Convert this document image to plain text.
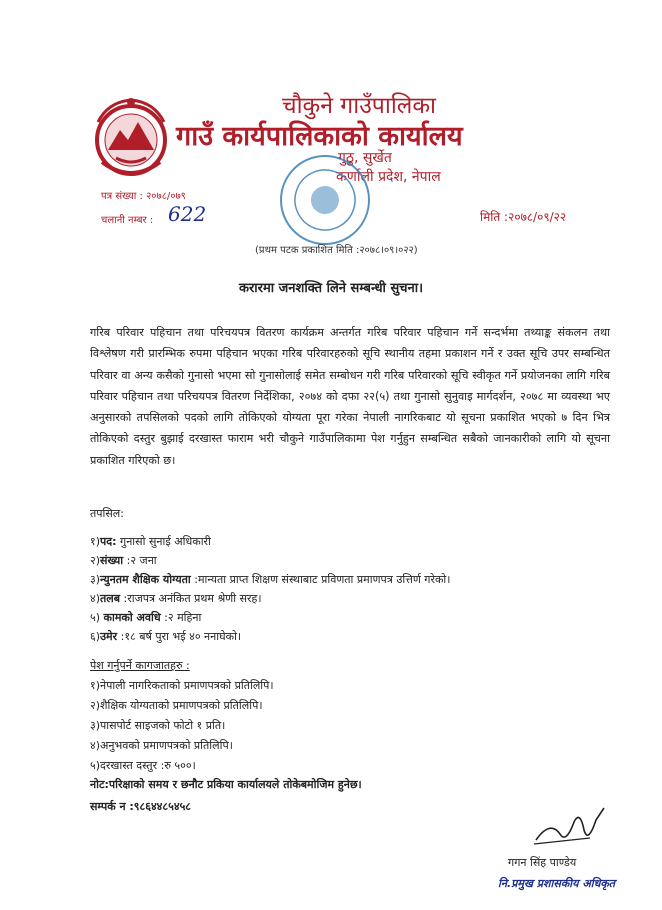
चौकुने गाउँपालिका
गाउँ कार्यपालिकाको कार्यालय
गुठु, सुर्खेत
कर्णाली प्रदेश, नेपाल
पत्र संख्या : २०७८/०७९
चलानी नम्बर : 622	मिति :२०७८/०९/२२
(प्रथम पटक प्रकाशित मिति :२०७८।०९।०२२)
करारमा जनशक्ति लिने सम्बन्धी सुचना।
गरिब परिवार पहिचान तथा परिचयपत्र वितरण कार्यक्रम अन्तर्गत गरिब परिवार पहिचान गर्ने सन्दर्भमा तथ्याङ्क संकलन तथा विश्लेषण गरी प्रारम्भिक रुपमा पहिचान भएका गरिब परिवारहरुको सूचि स्थानीय तहमा प्रकाशन गर्ने र उक्त सूचि उपर सम्बन्धित परिवार वा अन्य कसैको गुनासो भएमा सो गुनासोलाई समेत सम्बोधन गरी गरिब परिवारको सूचि स्वीकृत गर्ने प्रयोजनका लागि गरिब परिवार पहिचान तथा परिचयपत्र वितरण निर्देशिका, २०७४ को दफा २२(५) तथा गुनासो सुनुवाइ मार्गदर्शन, २०७८ मा व्यवस्था भए अनुसारको तपसिलको पदको लागि तोकिएको योग्यता पूरा गरेका नेपाली नागरिकबाट यो सूचना प्रकाशित भएको ७ दिन भित्र तोकिएको दस्तुर बुझाई दरखास्त फाराम भरी चौकुने गाउँपालिकामा पेश गर्नुहुन सम्बन्धित सबैको जानकारीको लागि यो सूचना प्रकाशित गरिएको छ।
तपसिल:
१)पद: गुनासो सुनाई अधिकारी
२)संख्या :२ जना
३)न्युनतम शैक्षिक योग्यता :मान्यता प्राप्त शिक्षण संस्थाबाट प्रविणता प्रमाणपत्र उत्तिर्ण गरेको।
४)तलब :राजपत्र अनंकित प्रथम श्रेणी सरह।
५) कामको अवधि :२ महिना
६)उमेर :१८ बर्ष पुरा भई ४० ननाघेको।
पेश गर्नुपर्ने कागजातहरु :
१)नेपाली नागरिकताको प्रमाणपत्रको प्रतिलिपि।
२)शैक्षिक योग्यताको प्रमाणपत्रको प्रतिलिपि।
३)पासपोर्ट साइजको फोटो १ प्रति।
४)अनुभवको प्रमाणपत्रको प्रतिलिपि।
५)दरखास्त दस्तुर :रु ५००।
नोट:परिक्षाको समय र छनौट प्रकिया कार्यालयले तोकेबमोजिम हुनेछ।
सम्पर्क न :९८६४४८५४५८
गगन सिंह पाण्डेय
नि.प्रमुख प्रशासकीय अधिकृत
